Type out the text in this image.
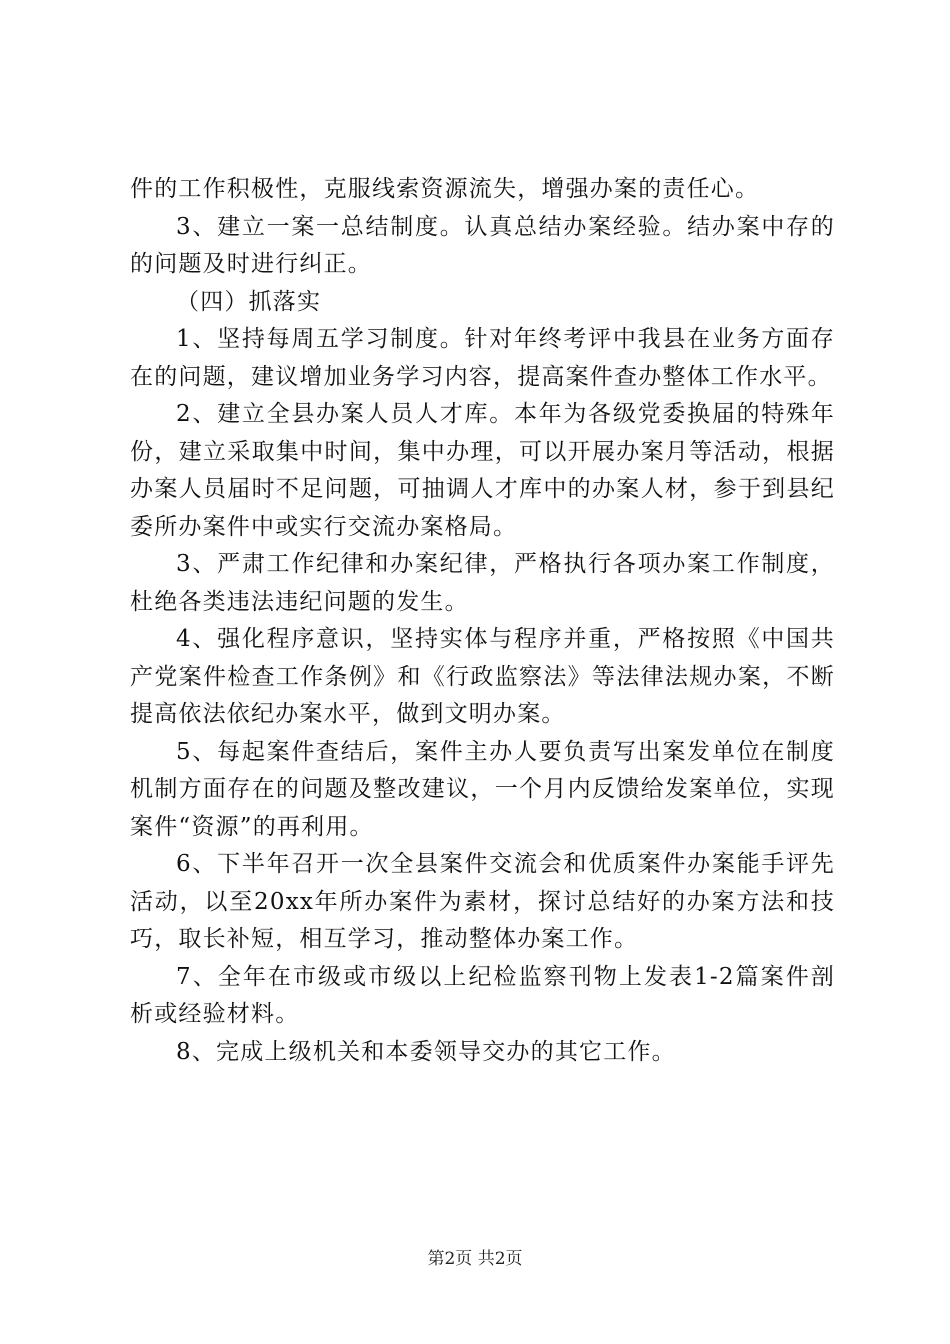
件的工作积极性，克服线索资源流失，增强办案的责任心。

3、建立一案一总结制度。认真总结办案经验。结办案中存的的问题及时进行纠正。

（四）抓落实

1、坚持每周五学习制度。针对年终考评中我县在业务方面存在的问题，建议增加业务学习内容，提高案件查办整体工作水平。

2、建立全县办案人员人才库。本年为各级党委换届的特殊年份，建立采取集中时间，集中办理，可以开展办案月等活动，根据办案人员届时不足问题，可抽调人才库中的办案人材，参于到县纪委所办案件中或实行交流办案格局。

3、严肃工作纪律和办案纪律，严格执行各项办案工作制度，杜绝各类违法违纪问题的发生。

4、强化程序意识，坚持实体与程序并重，严格按照《中国共产党案件检查工作条例》和《行政监察法》等法律法规办案，不断提高依法依纪办案水平，做到文明办案。

5、每起案件查结后，案件主办人要负责写出案发单位在制度机制方面存在的问题及整改建议，一个月内反馈给发案单位，实现案件“资源”的再利用。

6、下半年召开一次全县案件交流会和优质案件办案能手评先活动，以至20xx年所办案件为素材，探讨总结好的办案方法和技巧，取长补短，相互学习，推动整体办案工作。

7、全年在市级或市级以上纪检监察刊物上发表1-2篇案件剖析或经验材料。

8、完成上级机关和本委领导交办的其它工作。

第2页 共2页
